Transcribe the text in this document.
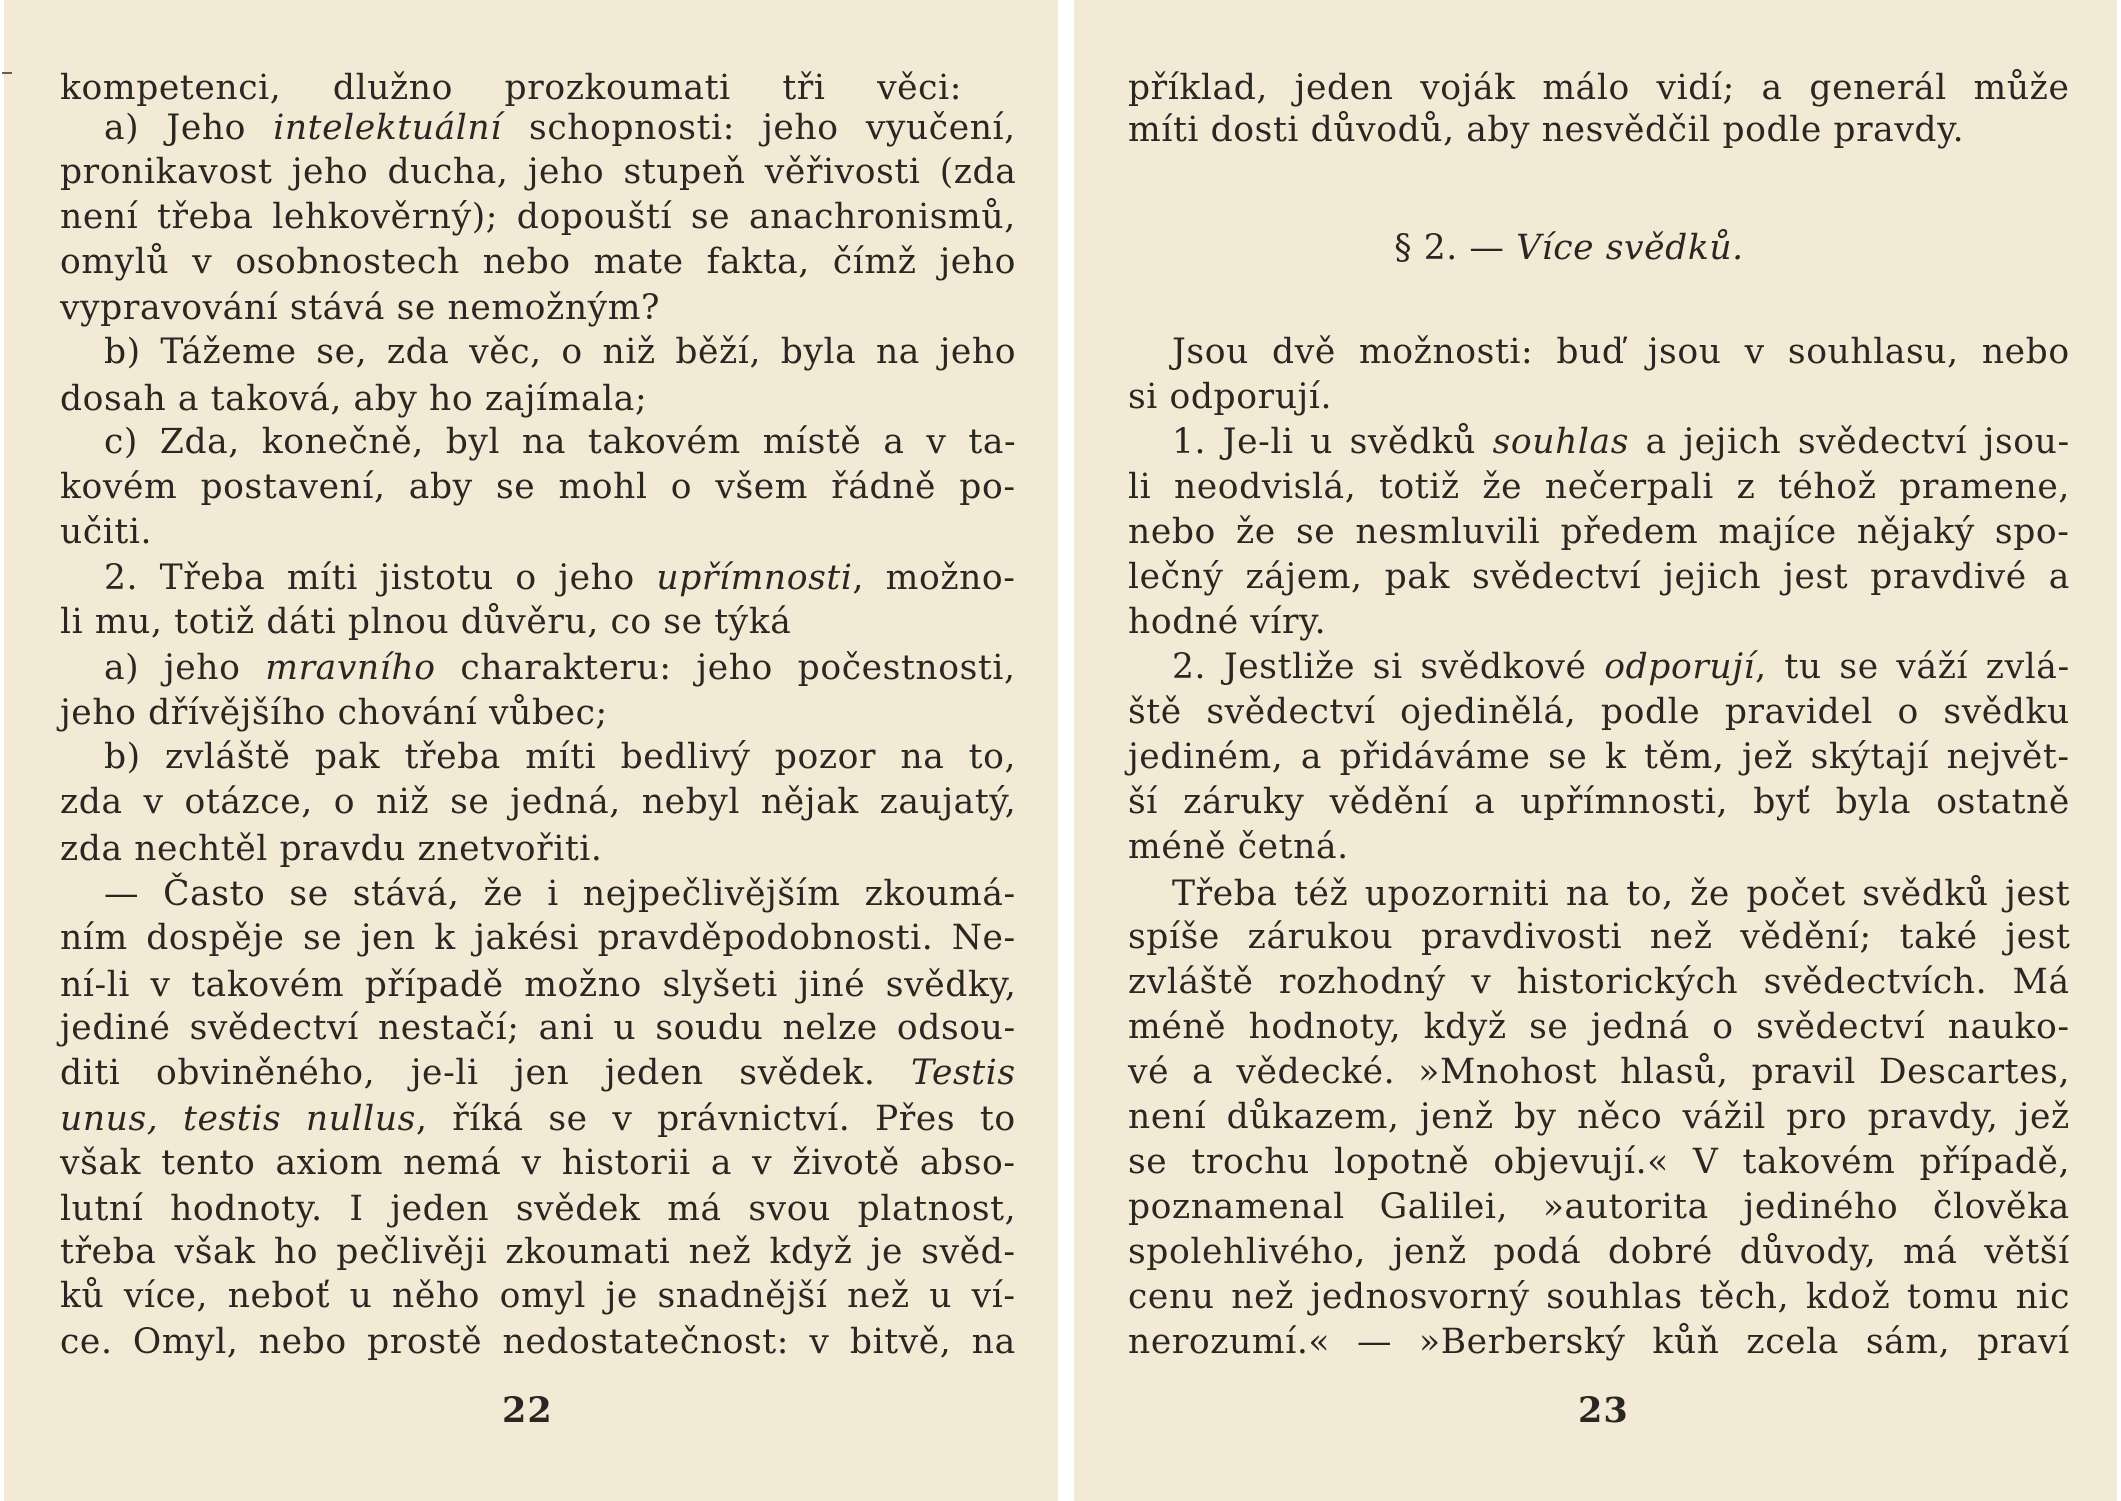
kompetenci, dlužno prozkoumati tři věci:
a) Jeho intelektuální schopnosti: jeho vyučení,
pronikavost jeho ducha, jeho stupeň věřivosti (zda
není třeba lehkověrný); dopouští se anachronismů,
omylů v osobnostech nebo mate fakta, čímž jeho
vypravování stává se nemožným?
b) Tážeme se, zda věc, o niž běží, byla na jeho
dosah a taková, aby ho zajímala;
c) Zda, konečně, byl na takovém místě a v ta-
kovém postavení, aby se mohl o všem řádně po-
učiti.
2. Třeba míti jistotu o jeho upřímnosti, možno-
li mu, totiž dáti plnou důvěru, co se týká
a) jeho mravního charakteru: jeho počestnosti,
jeho dřívějšího chování vůbec;
b) zvláště pak třeba míti bedlivý pozor na to,
zda v otázce, o niž se jedná, nebyl nějak zaujatý,
zda nechtěl pravdu znetvořiti.
— Často se stává, že i nejpečlivějším zkoumá-
ním dospěje se jen k jakési pravděpodobnosti. Ne-
ní-li v takovém případě možno slyšeti jiné svědky,
jediné svědectví nestačí; ani u soudu nelze odsou-
diti obviněného, je-li jen jeden svědek. Testis
unus, testis nullus, říká se v právnictví. Přes to
však tento axiom nemá v historii a v životě abso-
lutní hodnoty. I jeden svědek má svou platnost,
třeba však ho pečlivěji zkoumati než když je svěd-
ků více, neboť u něho omyl je snadnější než u ví-
ce. Omyl, nebo prostě nedostatečnost: v bitvě, na
22
příklad, jeden voják málo vidí; a generál může
míti dosti důvodů, aby nesvědčil podle pravdy.
§ 2. — Více svědků.
Jsou dvě možnosti: buď jsou v souhlasu, nebo
si odporují.
1. Je-li u svědků souhlas a jejich svědectví jsou-
li neodvislá, totiž že nečerpali z téhož pramene,
nebo že se nesmluvili předem majíce nějaký spo-
lečný zájem, pak svědectví jejich jest pravdivé a
hodné víry.
2. Jestliže si svědkové odporují, tu se váží zvlá-
ště svědectví ojedinělá, podle pravidel o svědku
jediném, a přidáváme se k těm, jež skýtají největ-
ší záruky vědění a upřímnosti, byť byla ostatně
méně četná.
Třeba též upozorniti na to, že počet svědků jest
spíše zárukou pravdivosti než vědění; také jest
zvláště rozhodný v historických svědectvích. Má
méně hodnoty, když se jedná o svědectví nauko-
vé a vědecké. »Mnohost hlasů, pravil Descartes,
není důkazem, jenž by něco vážil pro pravdy, jež
se trochu lopotně objevují.« V takovém případě,
poznamenal Galilei, »autorita jediného člověka
spolehlivého, jenž podá dobré důvody, má větší
cenu než jednosvorný souhlas těch, kdož tomu nic
nerozumí.« — »Berberský kůň zcela sám, praví
23
